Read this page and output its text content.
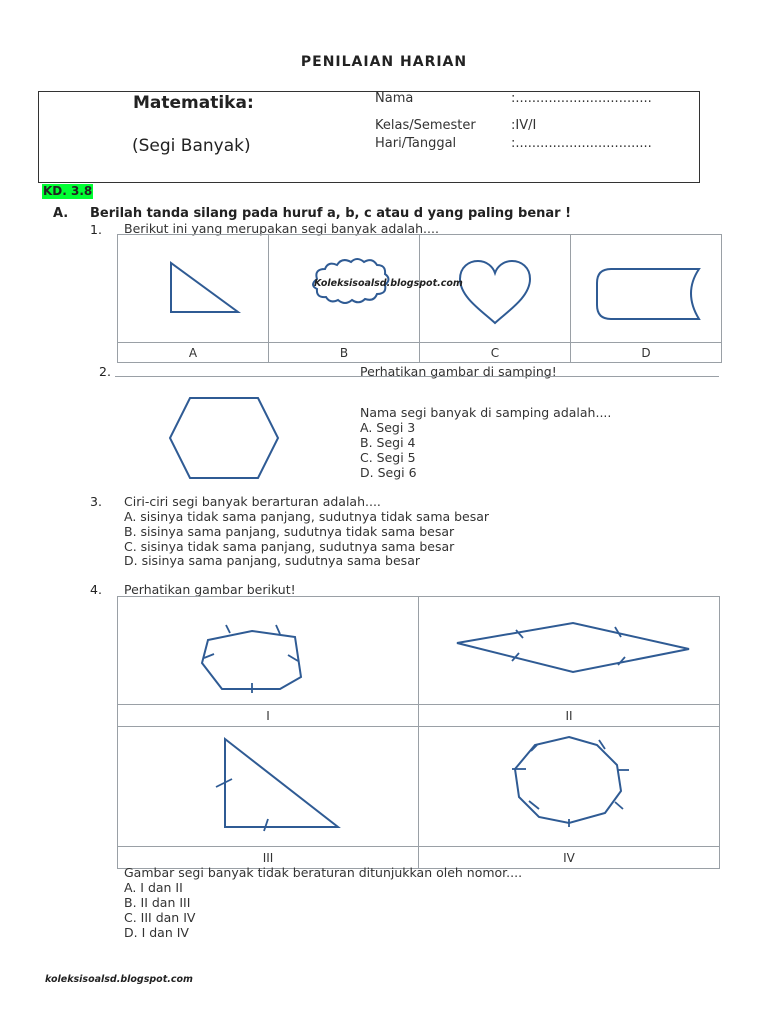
PENILAIAN HARIAN
Matematika:
(Segi Banyak)
Nama	:.................................
Kelas/Semester	:IV/I
Hari/Tanggal	:.................................
KD. 3.8
A. Berilah tanda silang pada huruf a, b, c atau d yang paling benar !
1. Berikut ini yang merupakan segi banyak adalah....

A	B	C	D
Koleksisoalsd.blogspot.com
2.	Perhatikan gambar di samping!
Nama segi banyak di samping adalah....
A. Segi 3
B. Segi 4
C. Segi 5
D. Segi 6
3. Ciri-ciri segi banyak berarturan adalah....
A. sisinya tidak sama panjang, sudutnya tidak sama besar
B. sisinya sama panjang, sudutnya tidak sama besar
C. sisinya tidak sama panjang, sudutnya sama besar
D. sisinya sama panjang, sudutnya sama besar
4. Perhatikan gambar berikut!

I	II

III	IV
Gambar segi banyak tidak beraturan ditunjukkan oleh nomor....
A. I dan II
B. II dan III
C. III dan IV
D. I dan IV
koleksisoalsd.blogspot.com
